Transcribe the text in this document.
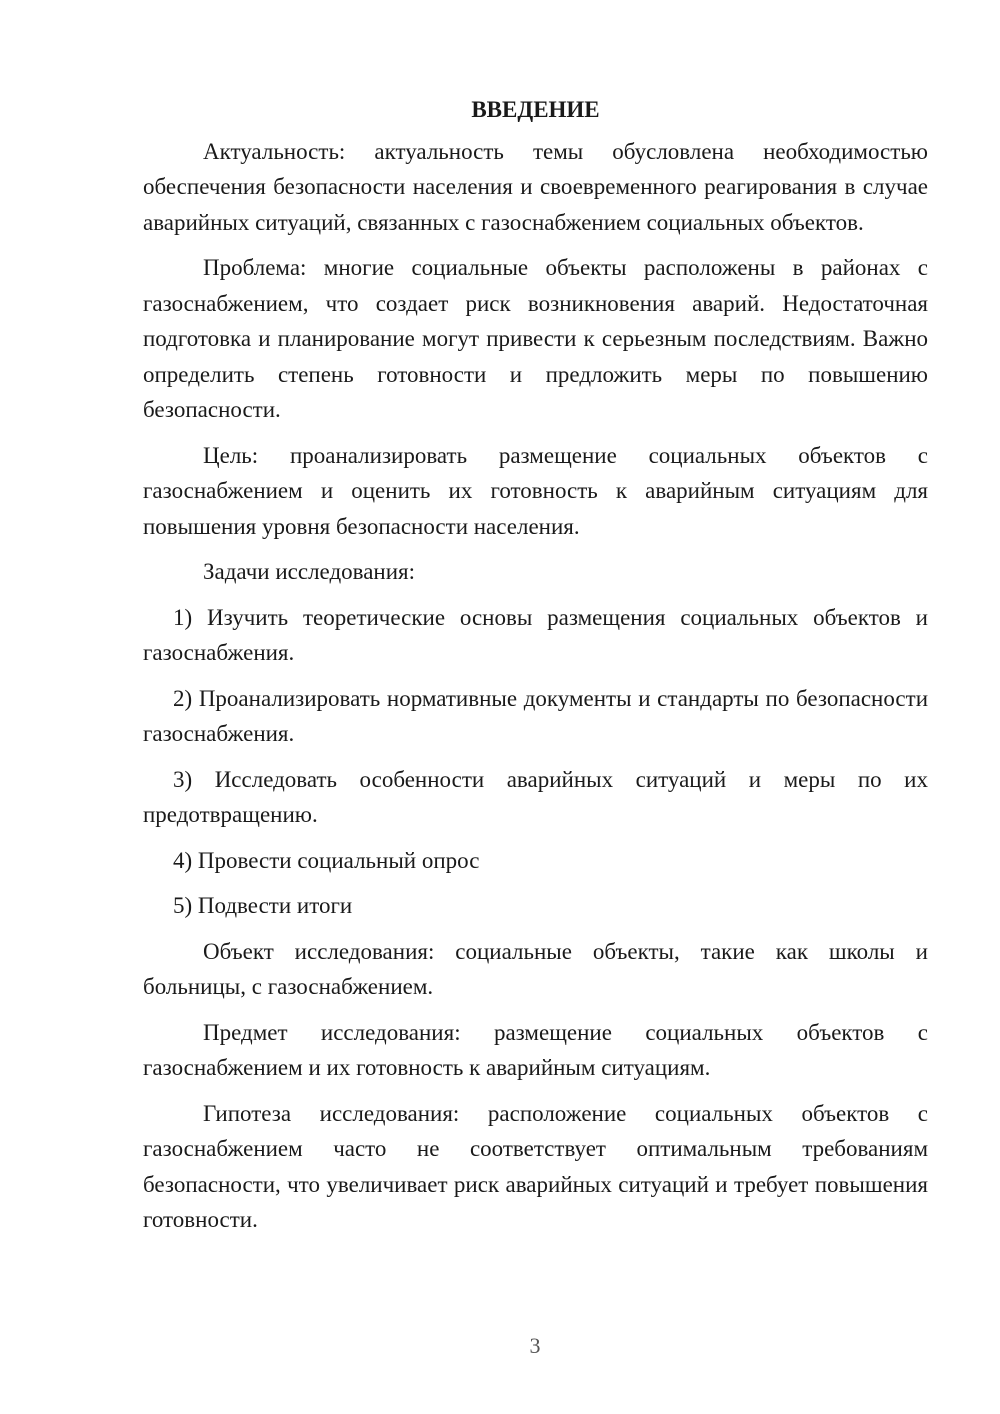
ВВЕДЕНИЕ

Актуальность: актуальность темы обусловлена необходимостью обеспечения безопасности населения и своевременного реагирования в случае аварийных ситуаций, связанных с газоснабжением социальных объектов.

Проблема: многие социальные объекты расположены в районах с газоснабжением, что создает риск возникновения аварий. Недостаточная подготовка и планирование могут привести к серьезным последствиям. Важно определить степень готовности и предложить меры по повышению безопасности.

Цель: проанализировать размещение социальных объектов с газоснабжением и оценить их готовность к аварийным ситуациям для повышения уровня безопасности населения.

Задачи исследования:

1) Изучить теоретические основы размещения социальных объектов и газоснабжения.

2) Проанализировать нормативные документы и стандарты по безопасности газоснабжения.

3) Исследовать особенности аварийных ситуаций и меры по их предотвращению.

4) Провести социальный опрос

5) Подвести итоги

Объект исследования: социальные объекты, такие как школы и больницы, с газоснабжением.

Предмет исследования: размещение социальных объектов с газоснабжением и их готовность к аварийным ситуациям.

Гипотеза исследования: расположение социальных объектов с газоснабжением часто не соответствует оптимальным требованиям безопасности, что увеличивает риск аварийных ситуаций и требует повышения готовности.

3
